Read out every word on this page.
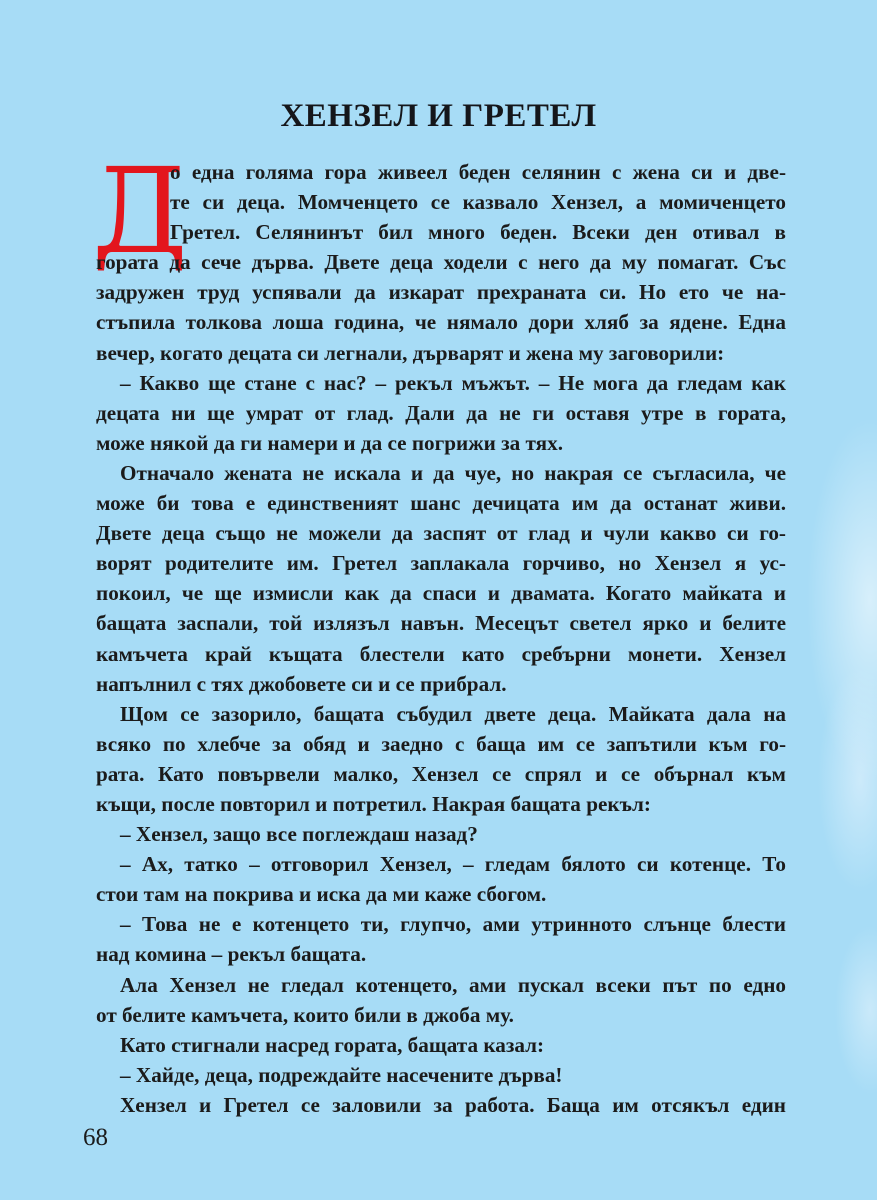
ХЕНЗЕЛ И ГРЕТЕЛ
Д
о една голяма гора живеел беден селянин с жена си и две-
те си деца. Момченцето се казвало Хензел, а момиченцето
Гретел. Селянинът бил много беден. Всеки ден отивал в
гората да сече дърва. Двете деца ходели с него да му помагат. Със
задружен труд успявали да изкарат прехраната си. Но ето че на-
стъпила толкова лоша година, че нямало дори хляб за ядене. Една
вечер, когато децата си легнали, дърварят и жена му заговорили:
– Какво ще стане с нас? – рекъл мъжът. – Не мога да гледам как
децата ни ще умрат от глад. Дали да не ги оставя утре в гората,
може някой да ги намери и да се погрижи за тях.
Отначало жената не искала и да чуе, но накрая се съгласила, че
може би това е единственият шанс дечицата им да останат живи.
Двете деца също не можели да заспят от глад и чули какво си го-
ворят родителите им. Гретел заплакала горчиво, но Хензел я ус-
покоил, че ще измисли как да спаси и двамата. Когато майката и
бащата заспали, той излязъл навън. Месецът светел ярко и белите
камъчета край къщата блестели като сребърни монети. Хензел
напълнил с тях джобовете си и се прибрал.
Щом се зазорило, бащата събудил двете деца. Майката дала на
всяко по хлебче за обяд и заедно с баща им се запътили към го-
рата. Като повървели малко, Хензел се спрял и се обърнал към
къщи, после повторил и потретил. Накрая бащата рекъл:
– Хензел, защо все поглеждаш назад?
– Ах, татко – отговорил Хензел, – гледам бялото си котенце. То
стои там на покрива и иска да ми каже сбогом.
– Това не е котенцето ти, глупчо, ами утринното слънце блести
над комина – рекъл бащата.
Ала Хензел не гледал котенцето, ами пускал всеки път по едно
от белите камъчета, които били в джоба му.
Като стигнали насред гората, бащата казал:
– Хайде, деца, подреждайте насечените дърва!
Хензел и Гретел се заловили за работа. Баща им отсякъл един
68
